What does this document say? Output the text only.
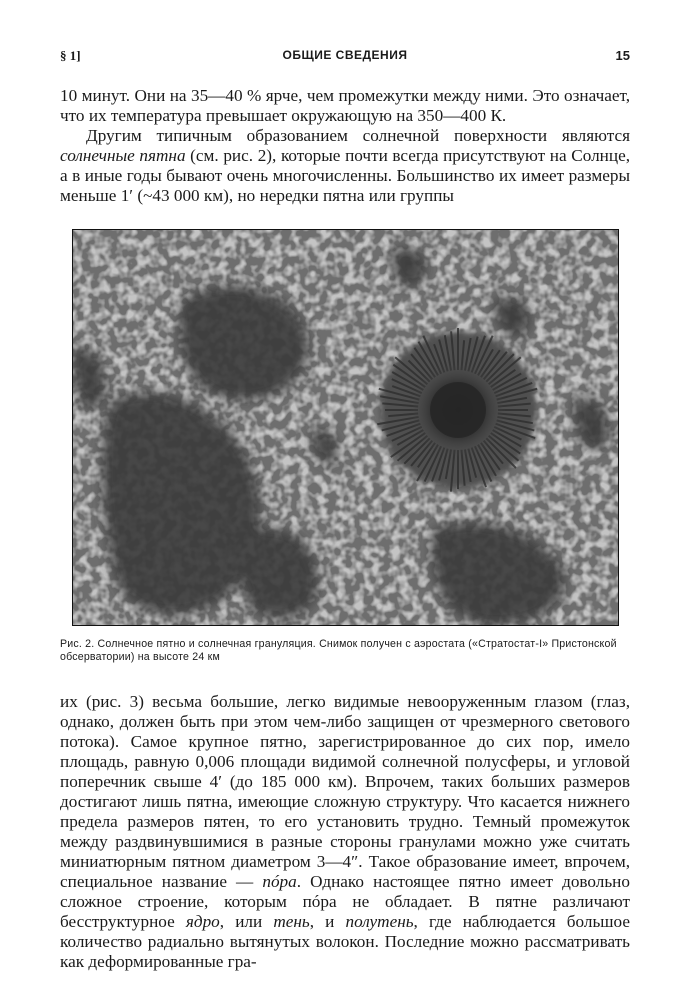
§ 1]	ОБЩИЕ СВЕДЕНИЯ	15

10 минут. Они на 35—40 % ярче, чем промежутки между ними. Это означает, что их температура превышает окружающую на 350—400 К.

Другим типичным образованием солнечной поверхности являются солнечные пятна (см. рис. 2), которые почти всегда присутствуют на Солнце, а в иные годы бывают очень многочисленны. Большинство их имеет размеры меньше 1′ (~43 000 км), но нередки пятна или группы

Рис. 2. Солнечное пятно и солнечная грануляция. Снимок получен с аэростата («Стратостат-I» Пристонской обсерватории) на высоте 24 км

их (рис. 3) весьма большие, легко видимые невооруженным глазом (глаз, однако, должен быть при этом чем-либо защищен от чрезмерного светового потока). Самое крупное пятно, зарегистрированное до сих пор, имело площадь, равную 0,006 площади видимой солнечной полусферы, и угловой поперечник свыше 4′ (до 185 000 км). Впрочем, таких больших размеров достигают лишь пятна, имеющие сложную структуру. Что касается нижнего предела размеров пятен, то его установить трудно. Темный промежуток между раздвинувшимися в разные стороны гранулами можно уже считать миниатюрным пятном диаметром 3—4″. Такое образование имеет, впрочем, специальное название — пóра. Однако настоящее пятно имеет довольно сложное строение, которым пóра не обладает. В пятне различают бесструктурное ядро, или тень, и полутень, где наблюдается большое количество радиально вытянутых волокон. Последние можно рассматривать как деформированные гра-
